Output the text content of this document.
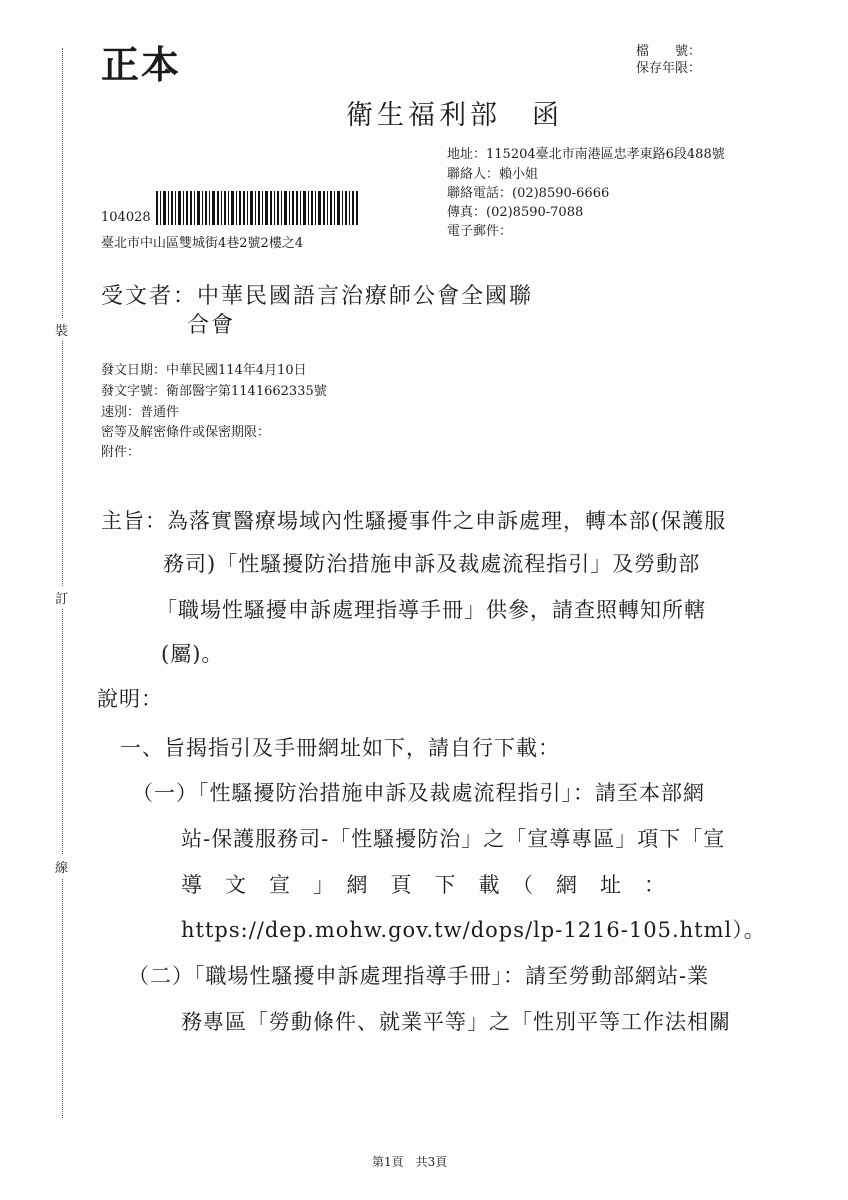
裝
訂
線
正本	檔　　號：
保存年限：
衛生福利部　函
地址：115204臺北市南港區忠孝東路6段488號
聯絡人：賴小姐
聯絡電話：(02)8590-6666
傳真：(02)8590-7088
電子郵件：
104028
臺北市中山區雙城街4巷2號2樓之4
受文者：中華民國語言治療師公會全國聯
合會
發文日期：中華民國114年4月10日
發文字號：衛部醫字第1141662335號
速別：普通件
密等及解密條件或保密期限：
附件：
主旨：為落實醫療場域內性騷擾事件之申訴處理，轉本部(保護服
務司)「性騷擾防治措施申訴及裁處流程指引」及勞動部
「職場性騷擾申訴處理指導手冊」供參，請查照轉知所轄
(屬)。
說明：
一、旨揭指引及手冊網址如下，請自行下載：
（一）「性騷擾防治措施申訴及裁處流程指引」：請至本部網
站-保護服務司-「性騷擾防治」之「宣導專區」項下「宣
導　文　宣　」　網　頁　下　載　（　網　址　：
https://dep.mohw.gov.tw/dops/lp-1216-105.html）。
（二）「職場性騷擾申訴處理指導手冊」：請至勞動部網站-業
務專區「勞動條件、就業平等」之「性別平等工作法相關
第1頁　共3頁
